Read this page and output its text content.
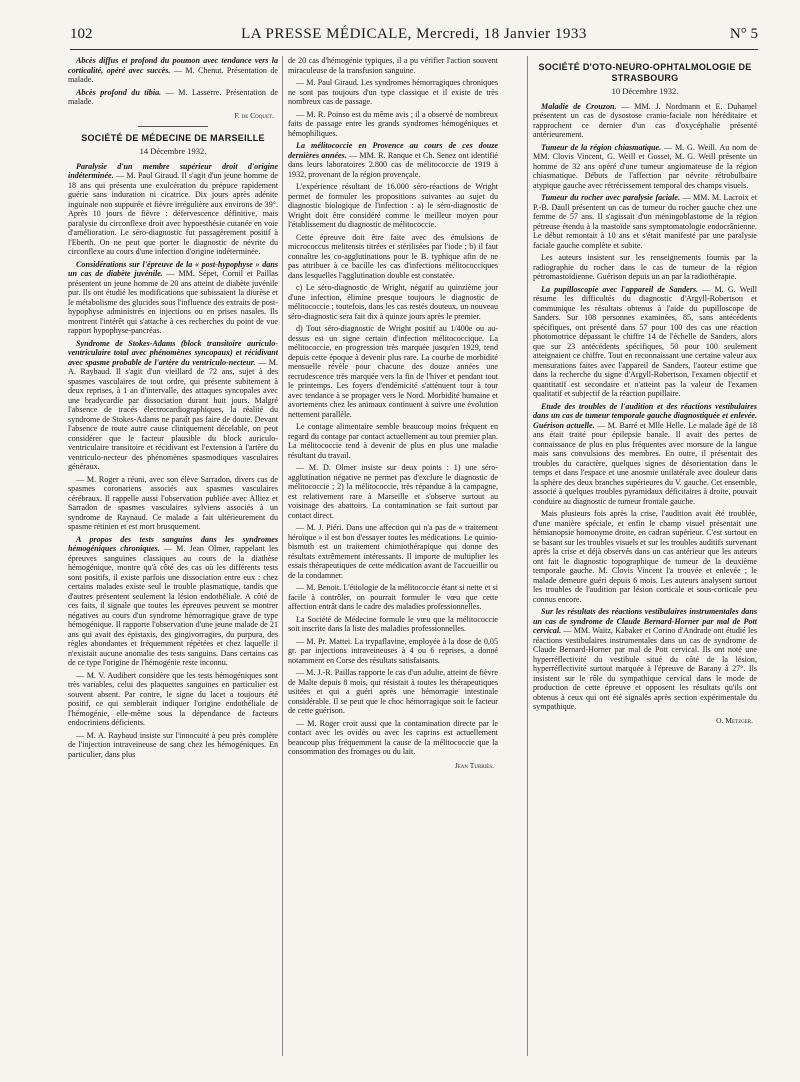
102	LA PRESSE MÉDICALE, Mercredi, 18 Janvier 1933	N° 5

Abcès diffus et profond du poumon avec tendance vers la corticalité, opéré avec succès. — M. Chenut. Présentation de malade.

Abcès profond du tibia. — M. Lasserre. Présentation de malade.

F. de Coquet.
SOCIÉTÉ DE MÉDECINE DE MARSEILLE
14 Décembre 1932.

Paralysie d'un membre supérieur droit d'origine indéterminée. — M. Paul Giraud. Il s'agit d'un jeune homme de 18 ans qui présenta une exulcération du prépuce rapidement guérie sans induration ni cicatrice. Dix jours après adénite inguinale non suppurée et fièvre irrégulière aux environs de 39°. Après 10 jours de fièvre : défervescence définitive, mais paralysie du circonflexe droit avec hypoesthésie cutanée en voie d'amélioration. Le séro-diagnostic fut passagèrement positif à l'Eberth. On ne peut que porter le diagnostic de névrite du circonflexe au cours d'une infection d'origine indéterminée.

Considérations sur l'épreuve de la « post-hypophyse » dans un cas de diabète juvénile. — MM. Sépet, Cornil et Paillas présentent un jeune homme de 20 ans atteint de diabète juvénile pur. Ils ont étudié les modifications que subissaient la diurèse et le métabolisme des glucides sous l'influence des extraits de post-hypophyse administrés en injections ou en prises nasales. Ils montrent l'intérêt qui s'attache à ces recherches du point de vue rapport hypophyse-pancréas.

Syndrome de Stokes-Adams (block transitoire auriculo-ventriculaire total avec phénomènes syncopaux) et récidivant avec spasme probable de l'artère du ventriculo-necteur. — M. A. Raybaud. Il s'agit d'un vieillard de 72 ans, sujet à des spasmes vasculaires de tout ordre, qui présente subitement à deux reprises, à 1 an d'intervalle, des attaques syncopales avec une bradycardie par dissociation durant huit jours. Malgré l'absence de tracés électrocardiographiques, la réalité du syndrome de Stokes-Adams ne paraît pas faire de doute. Devant l'absence de toute autre cause cliniquement décelable, on peut considérer que le facteur plausible du block auriculo-ventriculaire transitoire et récidivant est l'extension à l'artère du ventriculo-necteur des phénomènes spasmodiques vasculaires généraux.

— M. Roger a réuni, avec son élève Sarradon, divers cas de spasmes coronariens associés aux spasmes vasculaires cérébraux. Il rappelle aussi l'observation publiée avec Alliez et Sarradon de spasmes vasculaires sylviens associés à un syndrome de Raynaud. Ce malade a fait ultérieurement du spasme rétinien et est mort brusquement.

A propos des tests sanguins dans les syndromes hémogéniques chroniques. — M. Jean Olmer, rappelant les épreuves sanguines classiques au cours de la diathèse hémogénique, montre qu'à côté des cas où les différents tests sont positifs, il existe parfois une dissociation entre eux : chez certains malades existe seul le trouble plasmatique, tandis que d'autres présentent seulement la lésion endothéliale. A côté de ces faits, il signale que toutes les épreuves peuvent se montrer négatives au cours d'un syndrome hémorragique grave de type hémogénique. Il rapporte l'observation d'une jeune malade de 21 ans qui avait des épistaxis, des gingivorragies, du purpura, des règles abondantes et fréquemment répétées et chez laquelle il n'existait aucune anomalie des tests sanguins. Dans certains cas de ce type l'origine de l'hémogénie reste inconnu.

— M. V. Audibert considère que les tests hémogéniques sont très variables, celui des plaquettes sanguines en particulier est souvent absent. Par contre, le signe du lacet a toujours été positif, ce qui semblerait indiquer l'origine endothéliale de l'hémogénie, elle-même sous la dépendance de facteurs endocriniens déficients.

— M. A. Raybaud insiste sur l'innocuité à peu près complète de l'injection intraveineuse de sang chez les hémogéniques. En particulier, dans plus

de 20 cas d'hémogénie typiques, il a pu vérifier l'action souvent miraculeuse de la transfusion sanguine.

— M. Paul Giraud. Les syndromes hémorragiques chroniques ne sont pas toujours d'un type classique et il existe de très nombreux cas de passage.

— M. R. Poinso est du même avis ; il a observé de nombreux faits de passage entre les grands syndromes hémogéniques et hémophiliques.

La mélitococcie en Provence au cours de ces douze dernières années. — MM. R. Ranque et Ch. Senez ont identifié dans leurs laboratoires 2.800 cas de mélitococcie de 1919 à 1932, provenant de la région provençale.

L'expérience résultant de 16.000 séro-réactions de Wright permet de formuler les propositions suivantes au sujet du diagnostic biologique de l'infection : a) le séro-diagnostic de Wright doit être considéré comme le meilleur moyen pour l'établissement du diagnostic de mélitococcie.

Cette épreuve doit être faite avec des émulsions de micrococcus melitensis titrées et stérilisées par l'iode ; b) il faut connaître les co-agglutinations pour le B. typhique afin de ne pas attribuer à ce bacille les cas d'infections mélitococciques dans lesquelles l'agglutination double est constatée.

c) Le séro-diagnostic de Wright, négatif au quinzième jour d'une infection, élimine presque toujours le diagnostic de mélitococcie ; toutefois, dans les cas restés douteux, un nouveau séro-diagnostic sera fait dix à quinze jours après le premier.

d) Tout séro-diagnostic de Wright positif au 1/400e ou au-dessus est un signe certain d'infection mélitococcique. La mélitococcie, en progression très marquée jusqu'en 1929, tend depuis cette époque à devenir plus rare. La courbe de morbidité mensuelle révèle pour chacune des douze années une recrudescence très marquée vers la fin de l'hiver et pendant tout le printemps. Les foyers d'endémicité s'atténuent tour à tour avec tendance à se propager vers le Nord. Morbidité humaine et avortements chez les animaux continuent à suivre une évolution nettement parallèle.

Le contage alimentaire semble beaucoup moins fréquent en regard du contage par contact actuellement au tout premier plan. La mélitococcie tend à devenir de plus en plus une maladie résultant du travail.

— M. D. Olmer insiste sur deux points : 1) une séro-agglutination négative ne permet pas d'exclure le diagnostic de mélitococcie ; 2) la mélitococcie, très répandue à la campagne, est relativement rare à Marseille et s'observe surtout au voisinage des abattoirs. La contamination se fait surtout par contact direct.

— M. J. Piéri. Dans une affection qui n'a pas de « traitement héroïque » il est bon d'essayer toutes les médications. Le quinio-bismuth est un traitement chimiothérapique qui donne des résultats extrêmement intéressants. Il importe de multiplier les essais thérapeutiques de cette médication avant de l'accueillir ou de la condamner.

— M. Benoit. L'étiologie de la mélitococcie étant si nette et si facile à contrôler, on pourrait formuler le vœu que cette affection entrât dans le cadre des maladies professionnelles.

La Société de Médecine formule le vœu que la mélitococcie soit inscrite dans la liste des maladies professionnelles.

— M. Pr. Mattei. La trypaflavine, employée à la dose de 0,05 gr. par injections intraveineuses à 4 ou 6 reprises, a donné notamment en Corse des résultats satisfaisants.

— M. J.-R. Paillas rapporte le cas d'un adulte, atteint de fièvre de Malte depuis 8 mois, qui résistait à toutes les thérapeutiques usitées et qui a guéri après une hémorragie intestinale considérable. Il se peut que le choc hémorragique soit le facteur de cette guérison.

— M. Roger croit aussi que la contamination directe par le contact avec les ovidés ou avec les caprins est actuellement beaucoup plus fréquemment la cause de la mélitococcie que la consommation des fromages ou du lait.

Jean Turriès.
SOCIÉTÉ D'OTO-NEURO-OPHTALMOLOGIE DE STRASBOURG
10 Décembre 1932.

Maladie de Crouzon. — MM. J. Nordmann et E. Duhamel présentent un cas de dysostose cranio-faciale non héréditaire et rapprochent ce dernier d'un cas d'oxycéphalie présenté antérieurement.

Tumeur de la région chiasmatique. — M. G. Weill. Au nom de MM. Clovis Vincent, G. Weill et Gosset, M. G. Weill présente un homme de 32 ans opéré d'une tumeur angiomateuse de la région chiasmatique. Débuts de l'affection par névrite rétrobulbaire atypique gauche avec rétrécissement temporal des champs visuels.

Tumeur du rocher avec paralysie faciale. — MM. M. Lacroix et P.-B. Daull présentent un cas de tumeur du rocher gauche chez une femme de 57 ans. Il s'agissait d'un méningoblastome de la région pétreuse étendu à la mastoïde sans symptomatologie endocrânienne. Le début remontait à 10 ans et s'était manifesté par une paralysie faciale gauche complète et subite.

Les auteurs insistent sur les renseignements fournis par la radiographie du rocher dans le cas de tumeur de la région pétromastoïdienne. Guérison depuis un an par la radiothérapie.

La pupilloscopie avec l'appareil de Sanders. — M. G. Weill résume les difficultés du diagnostic d'Argyll-Robertson et communique les résultats obtenus à l'aide du pupilloscope de Sanders. Sur 108 personnes examinées, 85, sans antécédents spécifiques, ont présenté dans 57 pour 100 des cas une réaction photomotrice dépassant le chiffre 14 de l'échelle de Sanders, alors que sur 23 antécédents spécifiques, 50 pour 100 seulement atteignaient ce chiffre. Tout en reconnaissant une certaine valeur aux mensurations faites avec l'appareil de Sanders, l'auteur estime que dans la recherche du signe d'Argyll-Robertson, l'examen objectif et quantitatif est secondaire et n'atteint pas la valeur de l'examen qualitatif et subjectif de la réaction pupillaire.

Etude des troubles de l'audition et des réactions vestibulaires dans un cas de tumeur temporale gauche diagnostiquée et enlevée. Guérison actuelle. — M. Barré et Mlle Helle. Le malade âgé de 18 ans était traité pour épilepsie banale. Il avait des pertes de connaissance de plus en plus fréquentes avec morsure de la langue mais sans convulsions des membres. En outre, il présentait des troubles du caractère, quelques signes de désorientation dans le temps et dans l'espace et une anosmie unilatérale avec douleur dans la sphère des deux branches supérieures du V. gauche. Cet ensemble, associé à quelques troubles pyramidaux déficitaires à droite, pouvait conduire au diagnostic de tumeur frontale gauche.

Mais plusieurs fois après la crise, l'audition avait été troublée, d'une manière spéciale, et enfin le champ visuel présentait une hémianopsie homonyme droite, en cadran supérieur. C'est surtout en se basant sur les troubles visuels et sur les troubles auditifs survenant après la crise et déjà observés dans un cas antérieur que les auteurs ont fait le diagnostic topographique de tumeur de la deuxième temporale gauche. M. Clovis Vincent l'a trouvée et enlevée ; le malade demeure guéri depuis 6 mois. Les auteurs analysent surtout les troubles de l'audition par lésion corticale et sous-corticale peu connus encore.

Sur les résultats des réactions vestibulaires instrumentales dans un cas de syndrome de Claude Bernard-Horner par mal de Pott cervical. — MM. Waitz, Kabaker et Corino d'Andrade ont étudié les réactions vestibulaires instrumentales dans un cas de syndrome de Claude Bernard-Horner par mal de Pott cervical. Ils ont noté une hyperréflectivité du vestibule situé du côté de la lésion, hyperréflectivité surtout marquée à l'épreuve de Barany à 27°. Ils insistent sur le rôle du sympathique cervical dans le mode de production de cette épreuve et opposent les résultats qu'ils ont obtenus à ceux qui ont été signalés après section expérimentale du sympathique.

O. Metzger.
